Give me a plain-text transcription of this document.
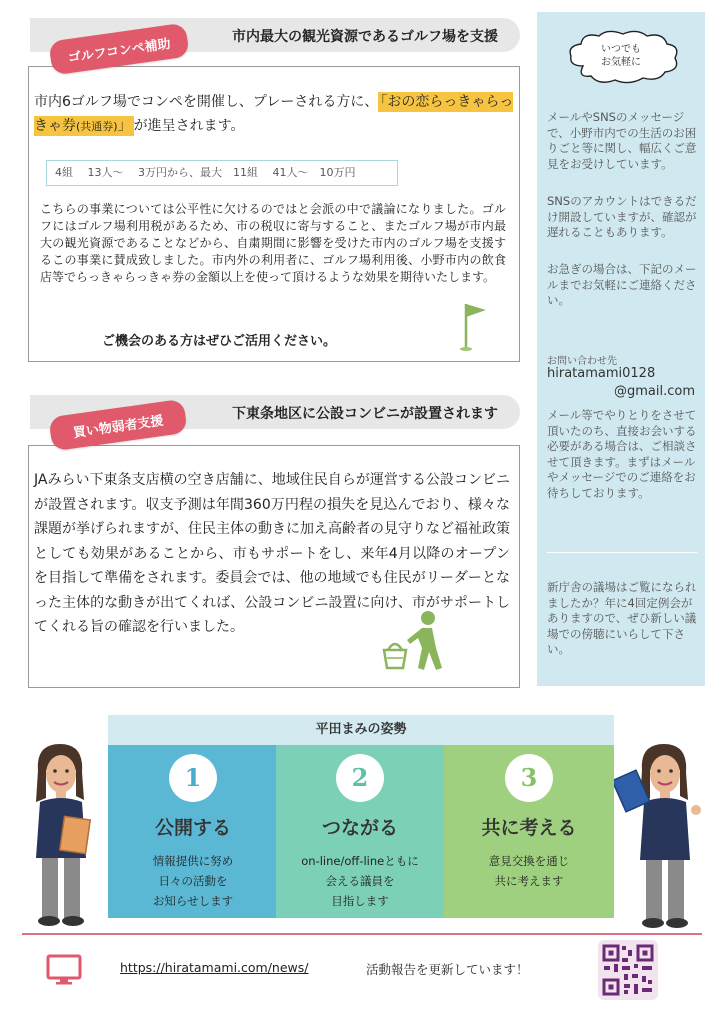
市内最大の観光資源であるゴルフ場を支援
ゴルフコンペ補助
市内6ゴルフ場でコンペを開催し、プレーされる方に、 「おの恋らっきゃらっきゃ券(共通券)」 が進呈されます。
4組　 13人～　 3万円から、最大　11組　 41人～　10万円
こちらの事業については公平性に欠けるのではと会派の中で議論になりました。ゴルフにはゴルフ場利用税があるため、市の税収に寄与すること、またゴルフ場が市内最大の観光資源であることなどから、自粛期間に影響を受けた市内のゴルフ場を支援するこの事業に賛成致しました。市内外の利用者に、ゴルフ場利用後、小野市内の飲食店等でらっきゃらっきゃ券の金額以上を使って頂けるような効果を期待いたします。
ご機会のある方はぜひご活用ください。
下東条地区に公設コンビニが設置されます
買い物弱者支援
JAみらい下東条支店横の空き店舗に、地域住民自らが運営する公設コンビニが設置されます。収支予測は年間360万円程の損失を見込んでおり、様々な課題が挙げられますが、住民主体の動きに加え高齢者の見守りなど福祉政策としても効果があることから、市もサポートをし、来年4月以降のオープンを目指して準備をされます。委員会では、他の地域でも住民がリーダーとなった主体的な動きが出てくれば、公設コンビニ設置に向け、市がサポートしてくれる旨の確認を行いました。
いつでも
お気軽に
メールやSNSのメッセージで、小野市内での生活のお困りごと等に関し、幅広くご意見をお受けしています。
SNSのアカウントはできるだけ開設していますが、確認が遅れることもあります。
お急ぎの場合は、下記のメールまでお気軽にご連絡ください。
お問い合わせ先
hiratamami0128
@gmail.com
メール等でやりとりをさせて頂いたのち、直接お会いする必要がある場合は、ご相談させて頂きます。まずはメールやメッセージでのご連絡をお待ちしております。
新庁舎の議場はご覧になられましたか？年に4回定例会がありますので、ぜひ新しい議場での傍聴にいらして下さい。
平田まみの姿勢
1
公開する
情報提供に努め
日々の活動を
お知らせします
2
つながる
on-line/off-lineともに
会える議員を
目指します
3
共に考える
意見交換を通じ
共に考えます
https://hiratamami.com/news/	活動報告を更新しています！
